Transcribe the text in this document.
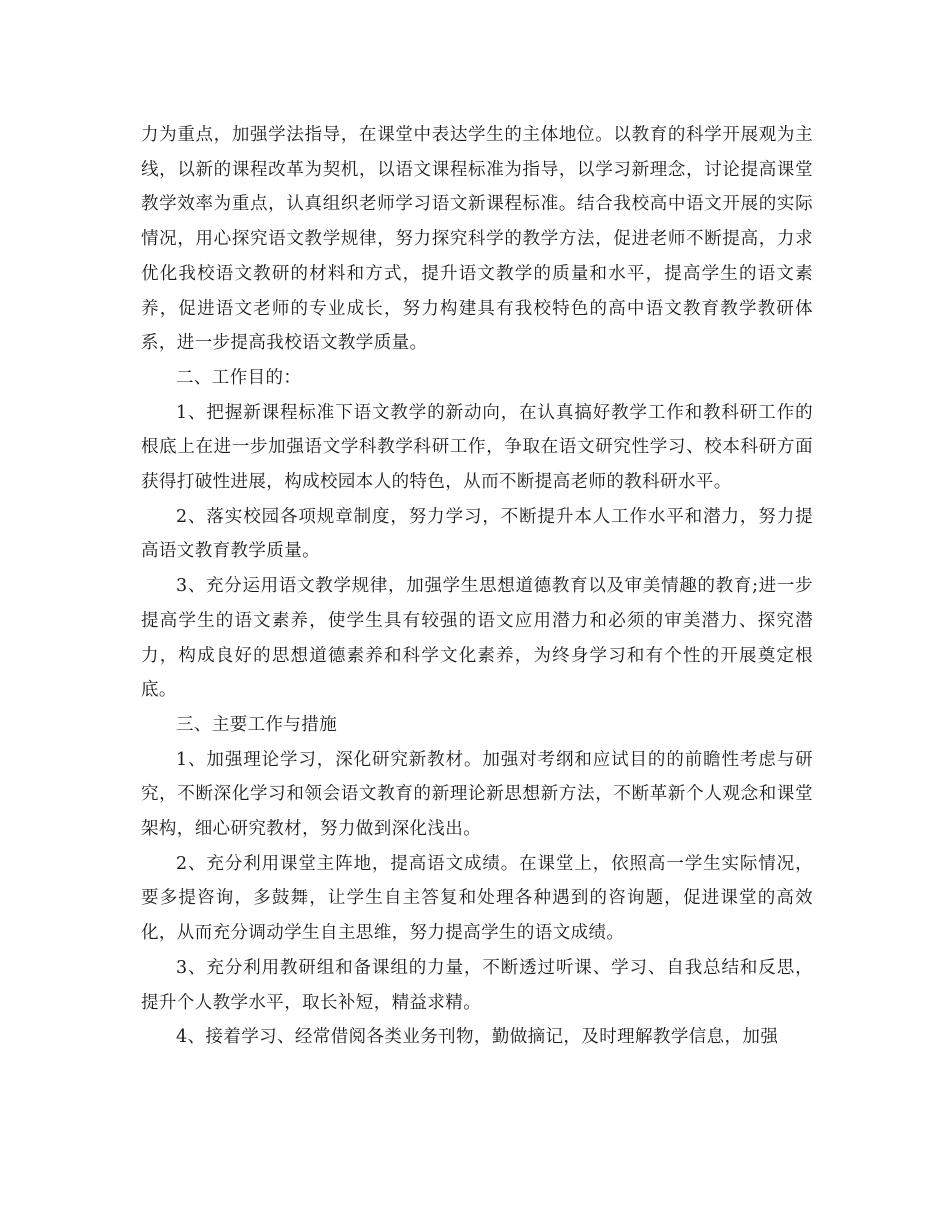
力为重点，加强学法指导，在课堂中表达学生的主体地位。以教育的科学开展观为主线，以新的课程改革为契机，以语文课程标准为指导，以学习新理念，讨论提高课堂教学效率为重点，认真组织老师学习语文新课程标准。结合我校高中语文开展的实际情况，用心探究语文教学规律，努力探究科学的教学方法，促进老师不断提高，力求优化我校语文教研的材料和方式，提升语文教学的质量和水平，提高学生的语文素养，促进语文老师的专业成长，努力构建具有我校特色的高中语文教育教学教研体系，进一步提高我校语文教学质量。

二、工作目的：

1、把握新课程标准下语文教学的新动向，在认真搞好教学工作和教科研工作的根底上在进一步加强语文学科教学科研工作，争取在语文研究性学习、校本科研方面获得打破性进展，构成校园本人的特色，从而不断提高老师的教科研水平。

2、落实校园各项规章制度，努力学习，不断提升本人工作水平和潜力，努力提高语文教育教学质量。

3、充分运用语文教学规律，加强学生思想道德教育以及审美情趣的教育;进一步提高学生的语文素养，使学生具有较强的语文应用潜力和必须的审美潜力、探究潜力，构成良好的思想道德素养和科学文化素养，为终身学习和有个性的开展奠定根底。

三、主要工作与措施

1、加强理论学习，深化研究新教材。加强对考纲和应试目的的前瞻性考虑与研究，不断深化学习和领会语文教育的新理论新思想新方法，不断革新个人观念和课堂架构，细心研究教材，努力做到深化浅出。

2、充分利用课堂主阵地，提高语文成绩。在课堂上，依照高一学生实际情况，要多提咨询，多鼓舞，让学生自主答复和处理各种遇到的咨询题，促进课堂的高效化，从而充分调动学生自主思维，努力提高学生的语文成绩。

3、充分利用教研组和备课组的力量，不断透过听课、学习、自我总结和反思，提升个人教学水平，取长补短，精益求精。

4、接着学习、经常借阅各类业务刊物，勤做摘记，及时理解教学信息，加强
